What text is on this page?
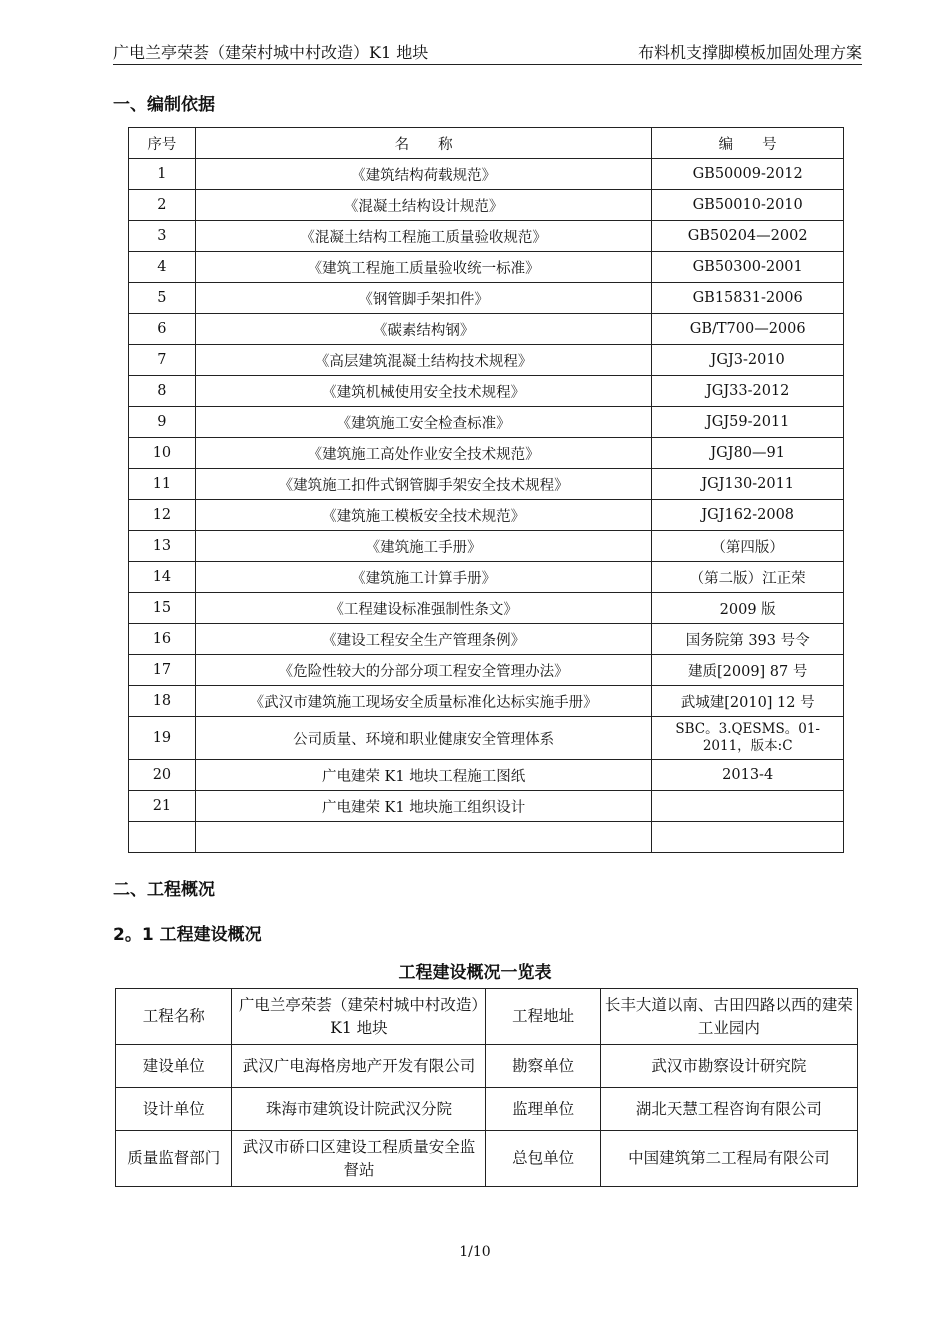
广电兰亭荣荟（建荣村城中村改造）K1 地块	布料机支撑脚模板加固处理方案
一、编制依据
序号	名　　称	编　　号
1	《建筑结构荷载规范》	GB50009-2012
2	《混凝土结构设计规范》	GB50010-2010
3	《混凝土结构工程施工质量验收规范》	GB50204—2002
4	《建筑工程施工质量验收统一标准》	GB50300-2001
5	《钢管脚手架扣件》	GB15831-2006
6	《碳素结构钢》	GB/T700—2006
7	《高层建筑混凝土结构技术规程》	JGJ3-2010
8	《建筑机械使用安全技术规程》	JGJ33-2012
9	《建筑施工安全检查标准》	JGJ59-2011
10	《建筑施工高处作业安全技术规范》	JGJ80—91
11	《建筑施工扣件式钢管脚手架安全技术规程》	JGJ130-2011
12	《建筑施工模板安全技术规范》	JGJ162-2008
13	《建筑施工手册》	（第四版）
14	《建筑施工计算手册》	（第二版）江正荣
15	《工程建设标准强制性条文》	2009 版
16	《建设工程安全生产管理条例》	国务院第 393 号令
17	《危险性较大的分部分项工程安全管理办法》	建质[2009] 87 号
18	《武汉市建筑施工现场安全质量标准化达标实施手册》	武城建[2010] 12 号
19	公司质量、环境和职业健康安全管理体系	SBC。3.QESMS。01-2011，版本:C
20	广电建荣 K1 地块工程施工图纸	2013-4
21	广电建荣 K1 地块施工组织设计	

二、工程概况
2。1 工程建设概况
工程建设概况一览表
工程名称	广电兰亭荣荟（建荣村城中村改造）K1 地块	工程地址	长丰大道以南、古田四路以西的建荣工业园内
建设单位	武汉广电海格房地产开发有限公司	勘察单位	武汉市勘察设计研究院
设计单位	珠海市建筑设计院武汉分院	监理单位	湖北天慧工程咨询有限公司
质量监督部门	武汉市硚口区建设工程质量安全监督站	总包单位	中国建筑第二工程局有限公司
1/10
